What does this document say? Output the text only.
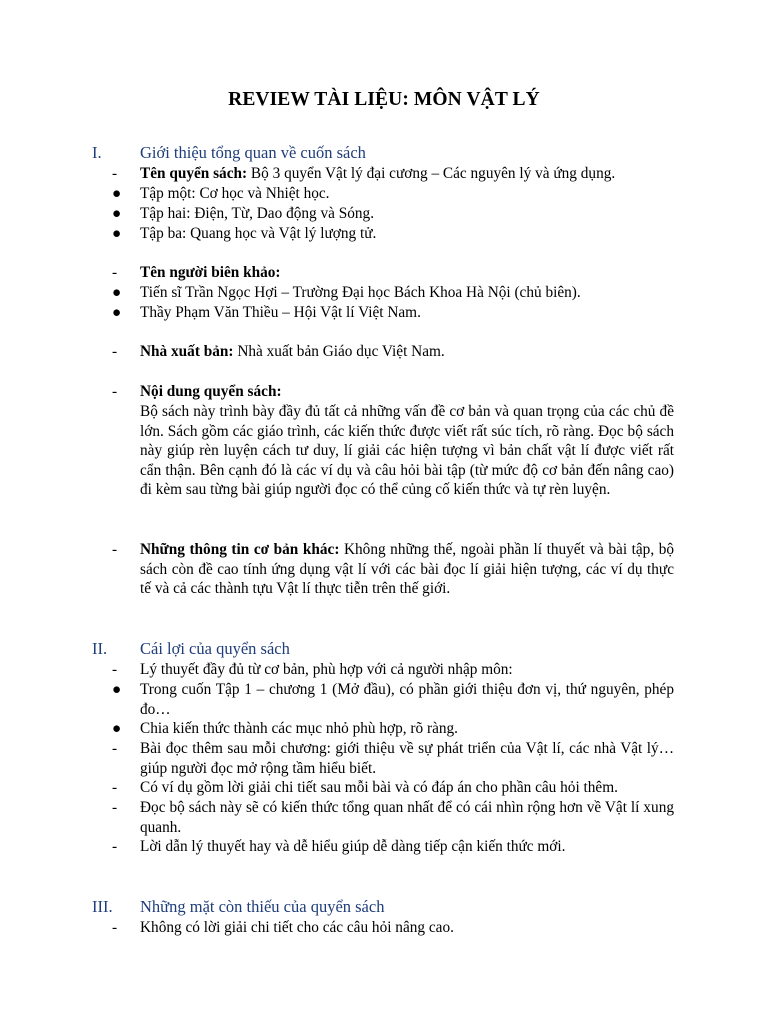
REVIEW TÀI LIỆU: MÔN VẬT LÝ
I. Giới thiệu tổng quan về cuốn sách
-	Tên quyển sách: Bộ 3 quyển Vật lý đại cương – Các nguyên lý và ứng dụng.
●	Tập một: Cơ học và Nhiệt học.
●	Tập hai: Điện, Từ, Dao động và Sóng.
●	Tập ba: Quang học và Vật lý lượng tử.
-	Tên người biên khảo:
●	Tiến sĩ Trần Ngọc Hợi – Trường Đại học Bách Khoa Hà Nội (chủ biên).
●	Thầy Phạm Văn Thiều – Hội Vật lí Việt Nam.
-	Nhà xuất bản: Nhà xuất bản Giáo dục Việt Nam.
-	Nội dung quyển sách:
Bộ sách này trình bày đầy đủ tất cả những vấn đề cơ bản và quan trọng của các chủ đề lớn. Sách gồm các giáo trình, các kiến thức được viết rất súc tích, rõ ràng. Đọc bộ sách này giúp rèn luyện cách tư duy, lí giải các hiện tượng vì bản chất vật lí được viết rất cẩn thận. Bên cạnh đó là các ví dụ và câu hỏi bài tập (từ mức độ cơ bản đến nâng cao) đi kèm sau từng bài giúp người đọc có thể củng cố kiến thức và tự rèn luyện.
-	Những thông tin cơ bản khác: Không những thế, ngoài phần lí thuyết và bài tập, bộ sách còn đề cao tính ứng dụng vật lí với các bài đọc lí giải hiện tượng, các ví dụ thực tế và cả các thành tựu Vật lí thực tiễn trên thế giới.
II. Cái lợi của quyển sách
-	Lý thuyết đầy đủ từ cơ bản, phù hợp với cả người nhập môn:
●	Trong cuốn Tập 1 – chương 1 (Mở đầu), có phần giới thiệu đơn vị, thứ nguyên, phép đo…
●	Chia kiến thức thành các mục nhỏ phù hợp, rõ ràng.
-	Bài đọc thêm sau mỗi chương: giới thiệu về sự phát triển của Vật lí, các nhà Vật lý… giúp người đọc mở rộng tầm hiểu biết.
-	Có ví dụ gồm lời giải chi tiết sau mỗi bài và có đáp án cho phần câu hỏi thêm.
-	Đọc bộ sách này sẽ có kiến thức tổng quan nhất để có cái nhìn rộng hơn về Vật lí xung quanh.
-	Lời dẫn lý thuyết hay và dễ hiểu giúp dễ dàng tiếp cận kiến thức mới.
III. Những mặt còn thiếu của quyển sách
-	Không có lời giải chi tiết cho các câu hỏi nâng cao.
